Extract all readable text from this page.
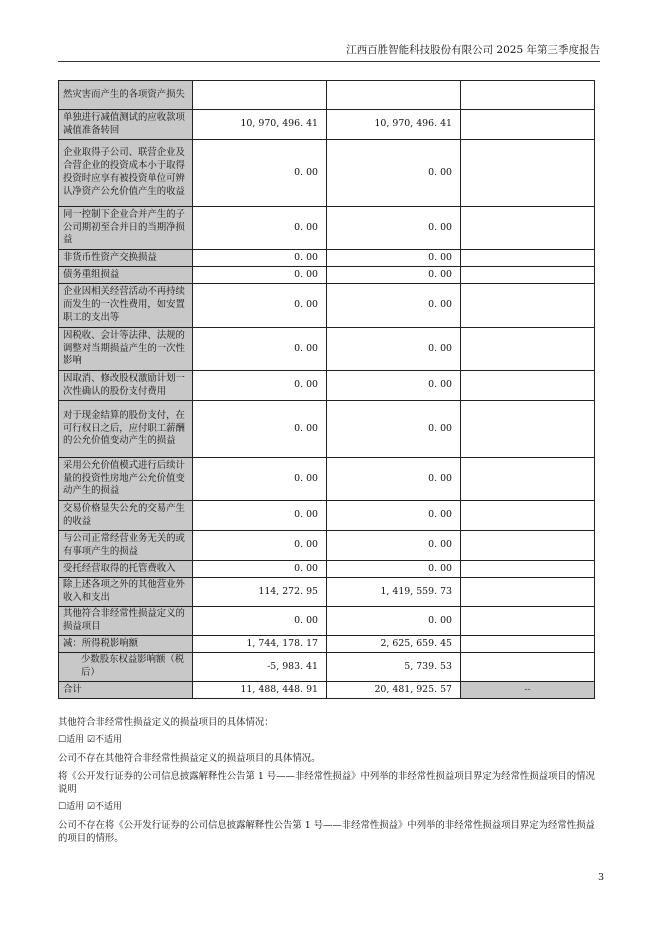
江西百胜智能科技股份有限公司 2025 年第三季度报告
然灾害而产生的各项资产损失			
单独进行减值测试的应收款项减值准备转回	10, 970, 496. 41	10, 970, 496. 41	
企业取得子公司、联营企业及合营企业的投资成本小于取得投资时应享有被投资单位可辨认净资产公允价值产生的收益	0. 00	0. 00	
同一控制下企业合并产生的子公司期初至合并日的当期净损益	0. 00	0. 00	
非货币性资产交换损益	0. 00	0. 00	
债务重组损益	0. 00	0. 00	
企业因相关经营活动不再持续而发生的一次性费用，如安置职工的支出等	0. 00	0. 00	
因税收、会计等法律、法规的调整对当期损益产生的一次性影响	0. 00	0. 00	
因取消、修改股权激励计划一次性确认的股份支付费用	0. 00	0. 00	
对于现金结算的股份支付，在可行权日之后，应付职工薪酬的公允价值变动产生的损益	0. 00	0. 00	
采用公允价值模式进行后续计量的投资性房地产公允价值变动产生的损益	0. 00	0. 00	
交易价格显失公允的交易产生的收益	0. 00	0. 00	
与公司正常经营业务无关的或有事项产生的损益	0. 00	0. 00	
受托经营取得的托管费收入	0. 00	0. 00	
除上述各项之外的其他营业外收入和支出	114, 272. 95	1, 419, 559. 73	
其他符合非经常性损益定义的损益项目	0. 00	0. 00	
减：所得税影响额	1, 744, 178. 17	2, 625, 659. 45	
少数股东权益影响额（税后）	-5, 983. 41	5, 739. 53	
合计	11, 488, 448. 91	20, 481, 925. 57	--

其他符合非经常性损益定义的损益项目的具体情况：

☐适用 ☑不适用

公司不存在其他符合非经常性损益定义的损益项目的具体情况。

将《公开发行证券的公司信息披露解释性公告第 1 号——非经常性损益》中列举的非经常性损益项目界定为经常性损益项目的情况说明

☐适用 ☑不适用

公司不存在将《公开发行证券的公司信息披露解释性公告第 1 号——非经常性损益》中列举的非经常性损益项目界定为经常性损益的项目的情形。

3
